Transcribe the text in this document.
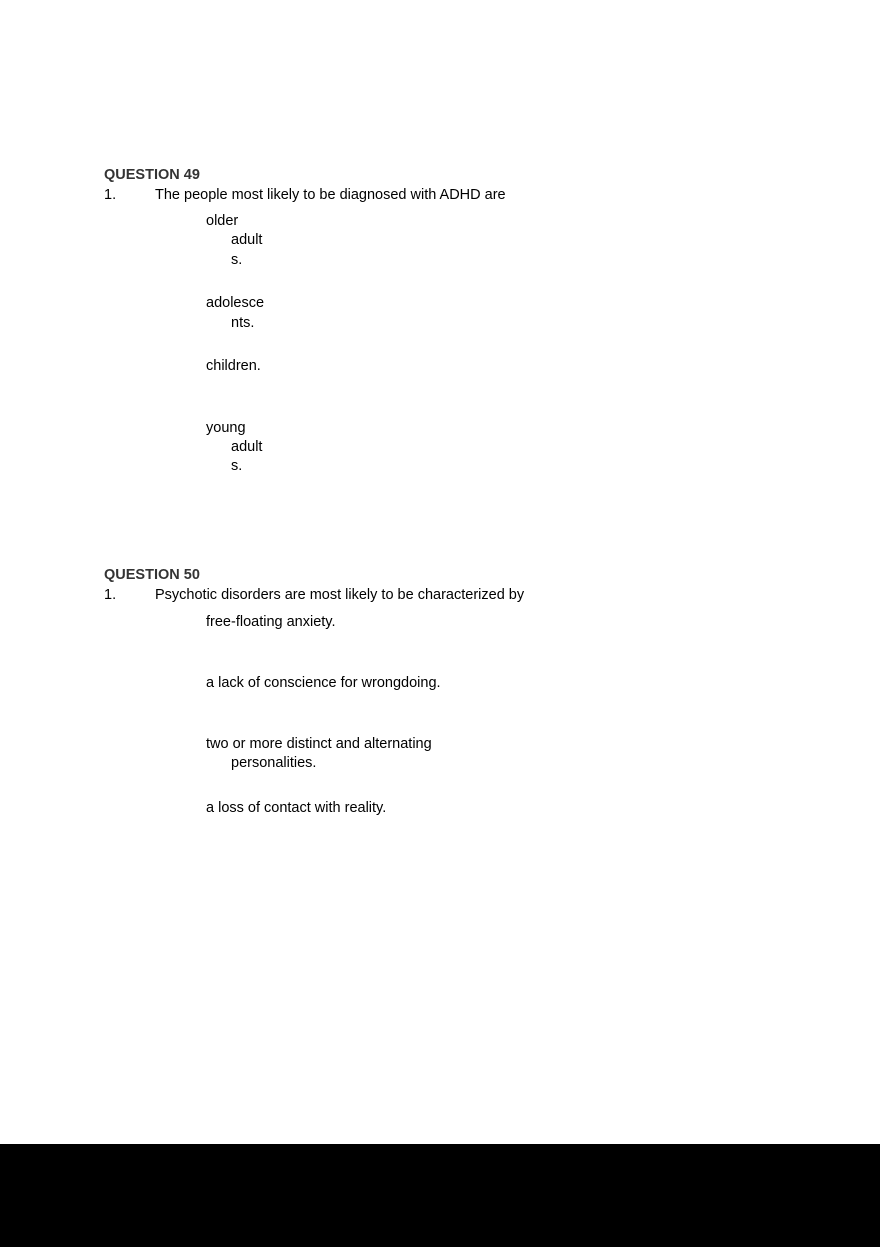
QUESTION 49
1.	The people most likely to be diagnosed with ADHD are
older
adult
s.
adolesce
nts.
children.
young
adult
s.
QUESTION 50
1.	Psychotic disorders are most likely to be characterized by
free-floating anxiety.
a lack of conscience for wrongdoing.
two or more distinct and alternating
personalities.
a loss of contact with reality.
